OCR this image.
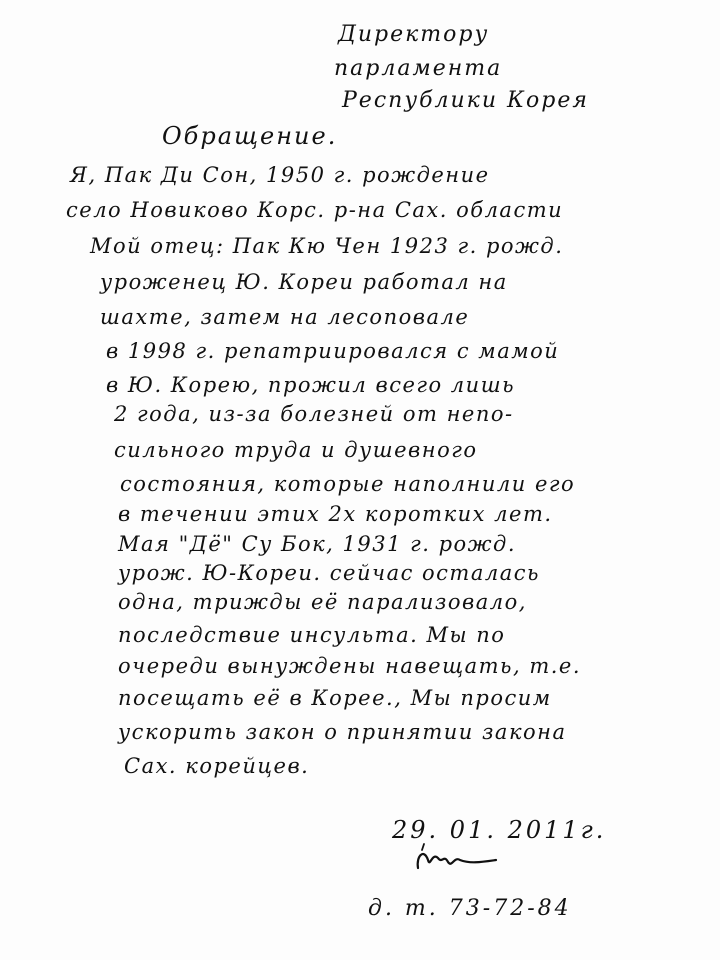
Директору
парламента
Республики Корея
Обращение.
Я, Пак Ди Сон, 1950 г. рождение
село Новиково Корс. р-на Сах. области
Мой отец: Пак Кю Чен 1923 г. рожд.
уроженец Ю. Кореи работал на
шахте, затем на лесоповале
в 1998 г. репатриировался с мамой
в Ю. Корею, прожил всего лишь
2 года, из-за болезней от непо-
сильного труда и душевного
состояния, которые наполнили его
в течении этих 2х коротких лет.
Мая "Дё" Су Бок, 1931 г. рожд.
урож. Ю-Кореи. сейчас осталась
одна, трижды её парализовало,
последствие инсульта. Мы по
очереди вынуждены навещать, т.е.
посещать её в Корее., Мы просим
ускорить закон о принятии закона
Сах. корейцев.
29. 01. 2011г.
д. т. 73-72-84
